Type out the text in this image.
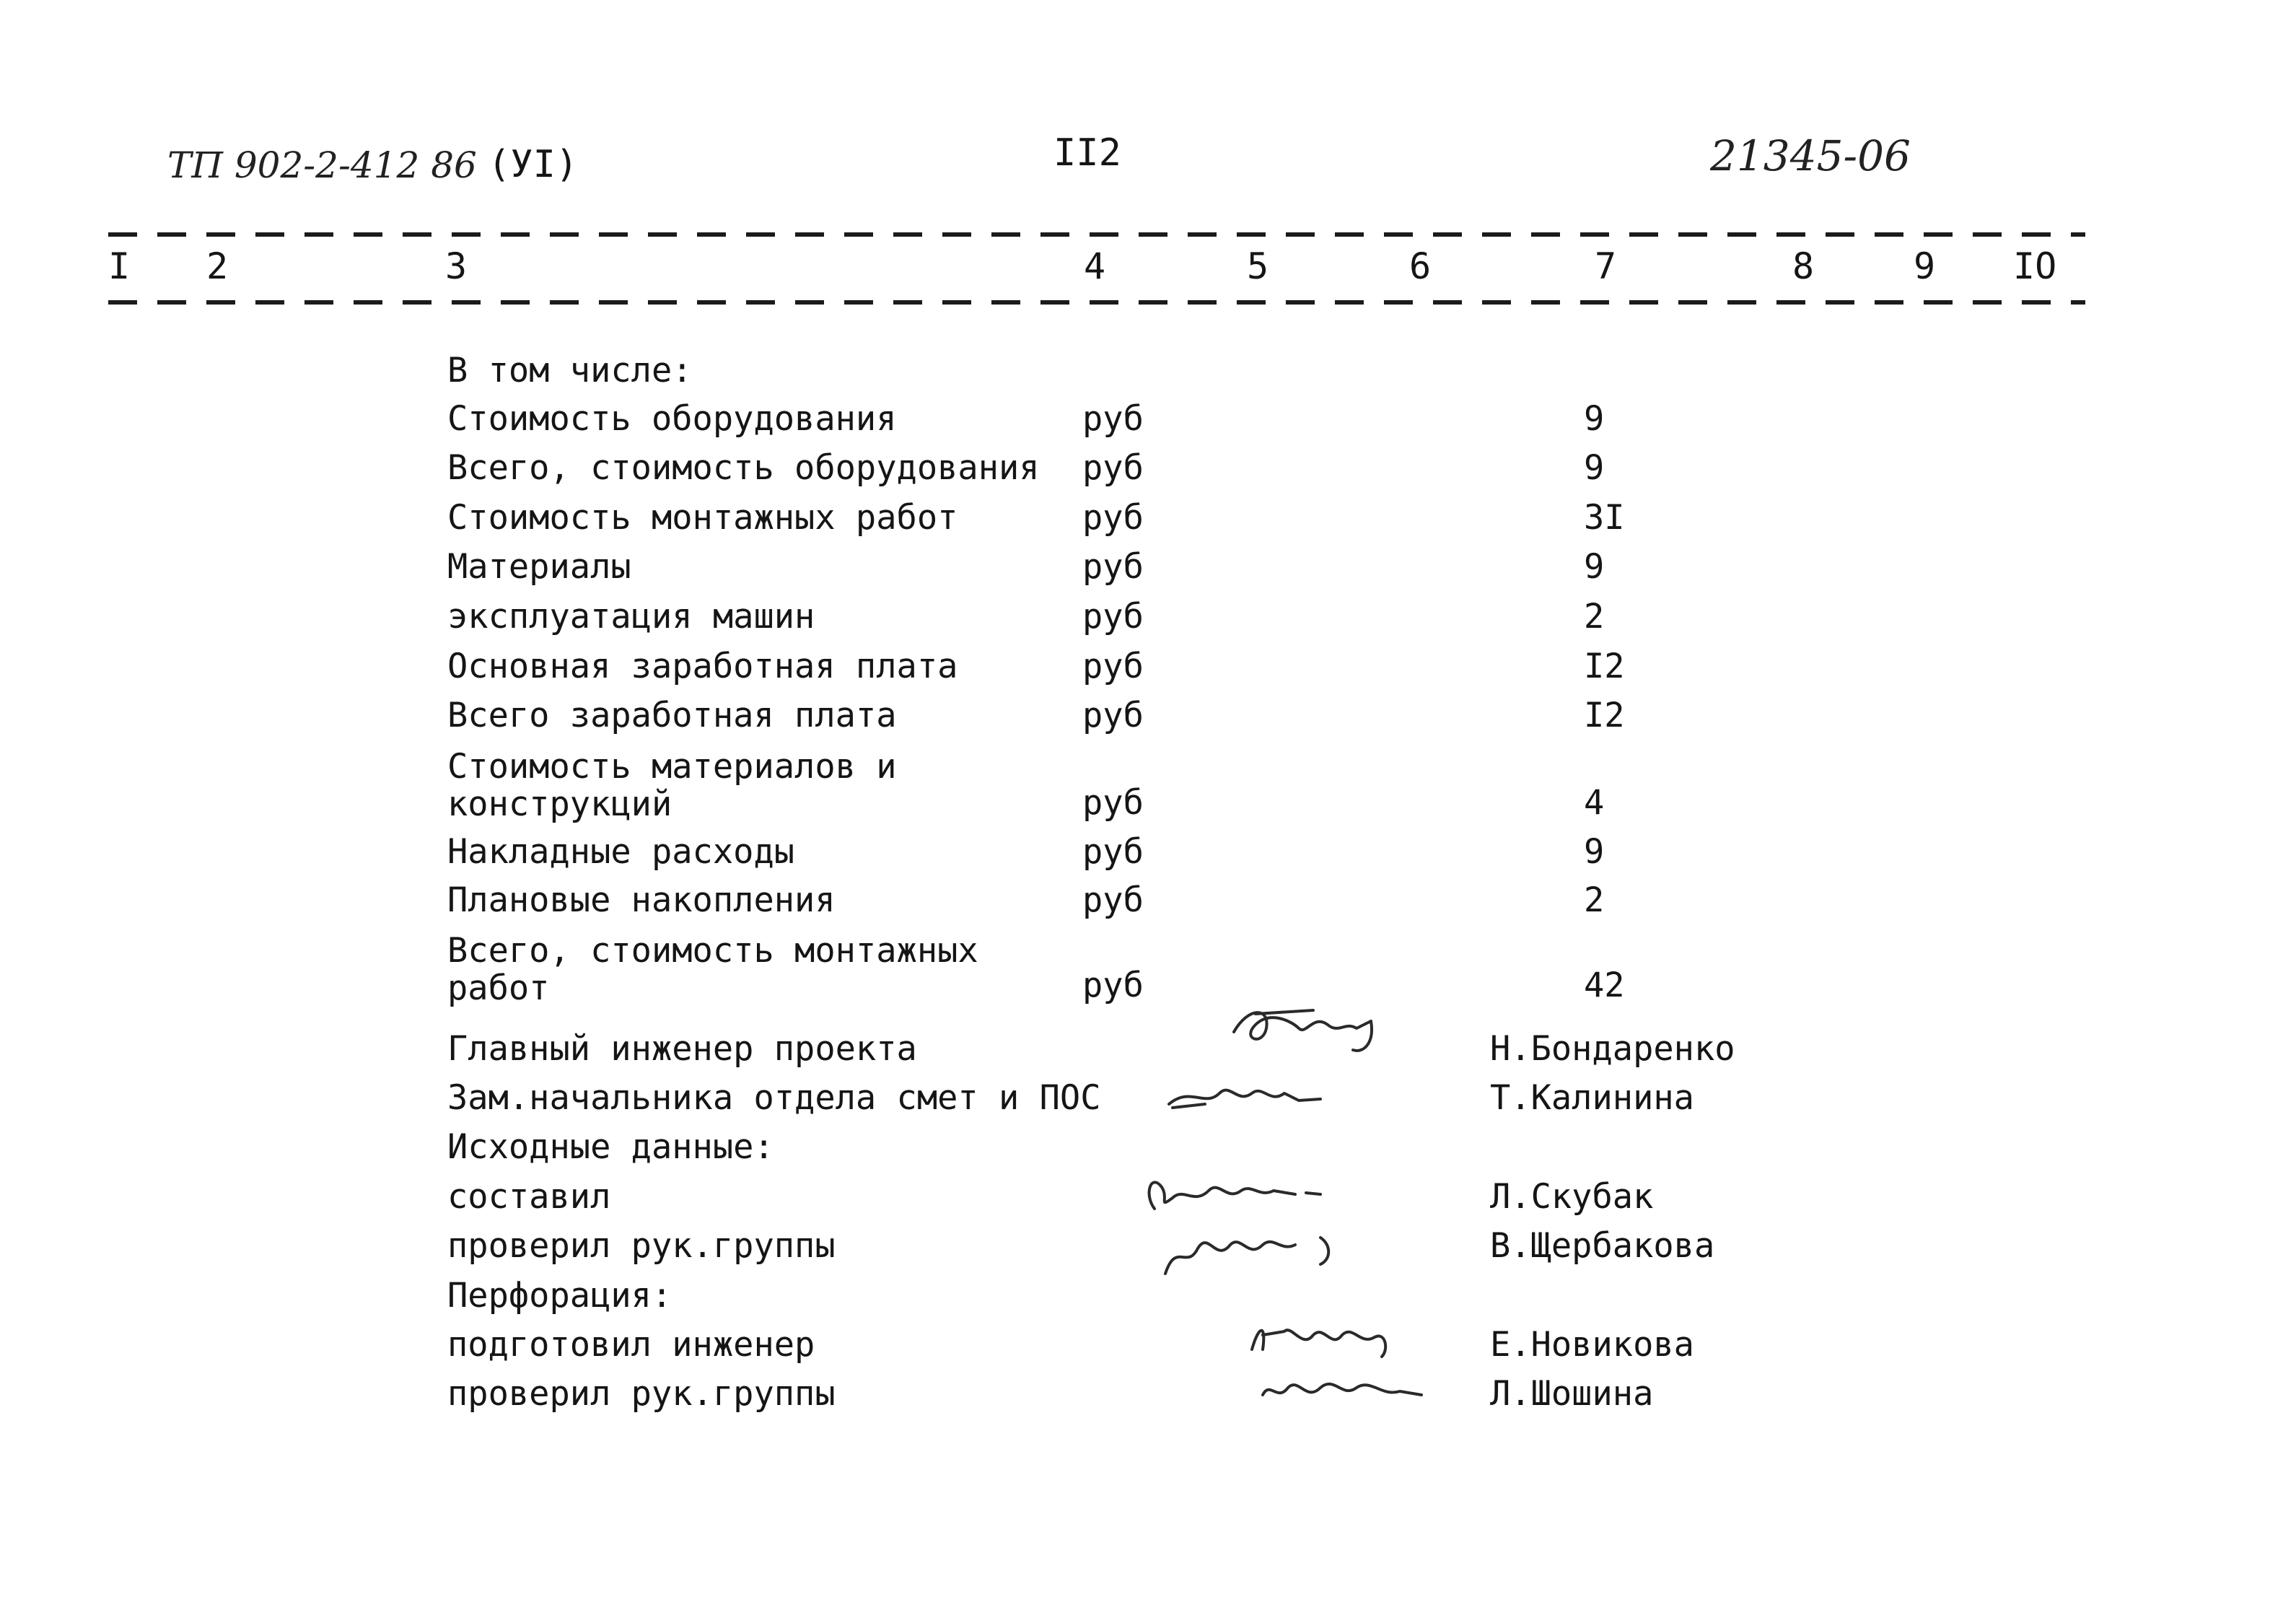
ТП 902-2-412 86 (УI)	II2	21345-06
I 2	3	4	5	6	7	8	9 IO
В том числе:
Стоимость оборудования	руб	9
Всего, стоимость оборудования руб	9
Стоимость монтажных работ	руб	3I
Материалы	руб	9
эксплуатация машин	руб	2
Основная заработная плата	руб	I2
Всего заработная плата	руб	I2
Стоимость материалов и конструкций	руб	4
Накладные расходы	руб	9
Плановые накопления	руб	2
Всего, стоимость монтажных работ	руб	42
Главный инженер проекта	Н.Бондаренко
Зам.начальника отдела смет и ПОС	Т.Калинина
Исходные данные:
составил	Л.Скубак
проверил рук.группы	В.Щербакова
Перфорация:
подготовил инженер	Е.Новикова
проверил рук.группы	Л.Шошина
